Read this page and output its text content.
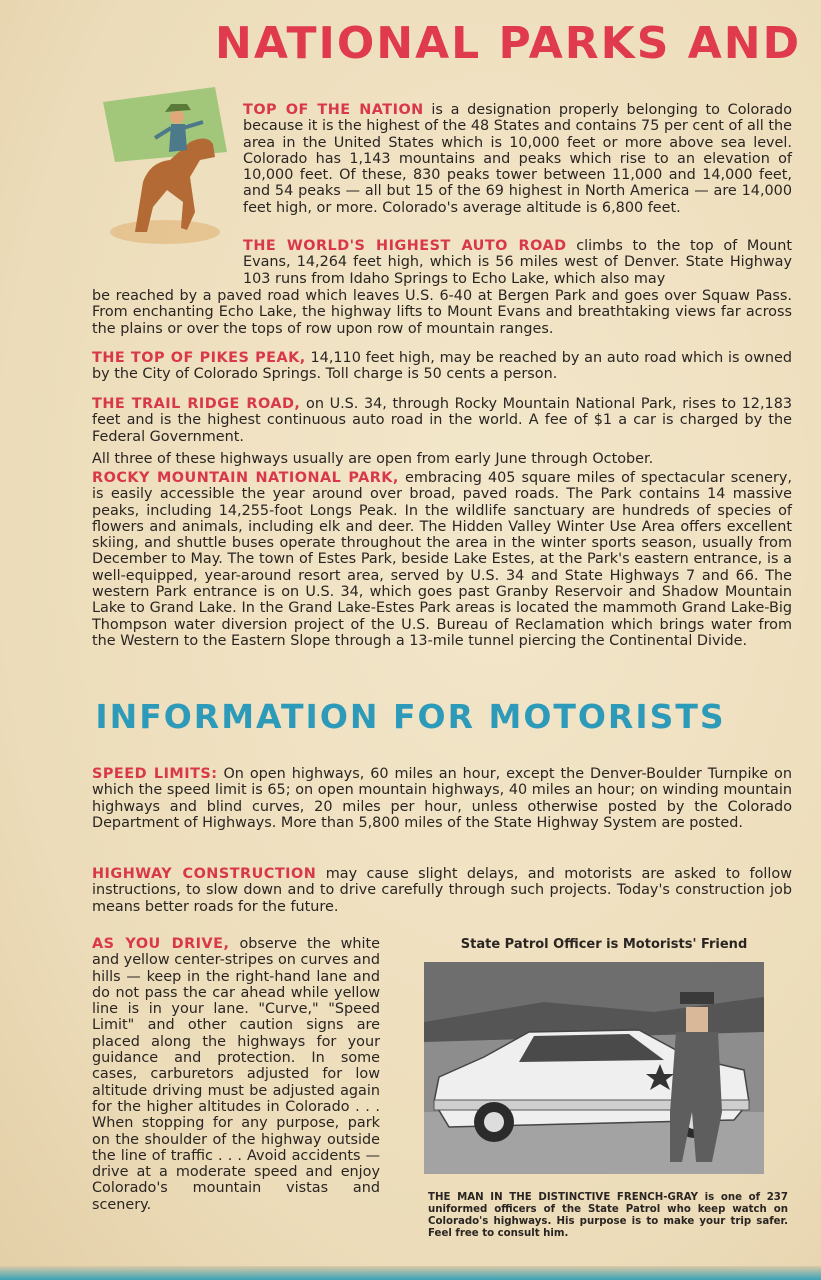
NATIONAL PARKS AND
TOP OF THE NATION is a designation properly belonging to Colorado because it is the highest of the 48 States and contains 75 per cent of all the area in the United States which is 10,000 feet or more above sea level. Colorado has 1,143 mountains and peaks which rise to an elevation of 10,000 feet. Of these, 830 peaks tower between 11,000 and 14,000 feet, and 54 peaks — all but 15 of the 69 highest in North America — are 14,000 feet high, or more. Colorado's average altitude is 6,800 feet.
THE WORLD'S HIGHEST AUTO ROAD climbs to the top of Mount Evans, 14,264 feet high, which is 56 miles west of Denver. State Highway 103 runs from Idaho Springs to Echo Lake, which also may
be reached by a paved road which leaves U.S. 6-40 at Bergen Park and goes over Squaw Pass. From enchanting Echo Lake, the highway lifts to Mount Evans and breathtaking views far across the plains or over the tops of row upon row of mountain ranges.
THE TOP OF PIKES PEAK, 14,110 feet high, may be reached by an auto road which is owned by the City of Colorado Springs. Toll charge is 50 cents a person.
THE TRAIL RIDGE ROAD, on U.S. 34, through Rocky Mountain National Park, rises to 12,183 feet and is the highest continuous auto road in the world. A fee of $1 a car is charged by the Federal Government.
All three of these highways usually are open from early June through October.
ROCKY MOUNTAIN NATIONAL PARK, embracing 405 square miles of spectacular scenery, is easily accessible the year around over broad, paved roads. The Park contains 14 massive peaks, including 14,255-foot Longs Peak. In the wildlife sanctuary are hundreds of species of flowers and animals, including elk and deer. The Hidden Valley Winter Use Area offers excellent skiing, and shuttle buses operate throughout the area in the winter sports season, usually from December to May. The town of Estes Park, beside Lake Estes, at the Park's eastern entrance, is a well-equipped, year-around resort area, served by U.S. 34 and State Highways 7 and 66. The western Park entrance is on U.S. 34, which goes past Granby Reservoir and Shadow Mountain Lake to Grand Lake. In the Grand Lake-Estes Park areas is located the mammoth Grand Lake-Big Thompson water diversion project of the U.S. Bureau of Reclamation which brings water from the Western to the Eastern Slope through a 13-mile tunnel piercing the Continental Divide.
INFORMATION FOR MOTORISTS
SPEED LIMITS: On open highways, 60 miles an hour, except the Denver-Boulder Turnpike on which the speed limit is 65; on open mountain highways, 40 miles an hour; on winding mountain highways and blind curves, 20 miles per hour, unless otherwise posted by the Colorado Department of Highways. More than 5,800 miles of the State Highway System are posted.
HIGHWAY CONSTRUCTION may cause slight delays, and motorists are asked to follow instructions, to slow down and to drive carefully through such projects. Today's construction job means better roads for the future.
AS YOU DRIVE, observe the white and yellow center-stripes on curves and hills — keep in the right-hand lane and do not pass the car ahead while yellow line is in your lane. "Curve," "Speed Limit" and other caution signs are placed along the highways for your guidance and protection. In some cases, carburetors adjusted for low altitude driving must be adjusted again for the higher altitudes in Colorado . . . When stopping for any purpose, park on the shoulder of the highway outside the line of traffic . . . Avoid accidents — drive at a moderate speed and enjoy Colorado's mountain vistas and scenery.
State Patrol Officer is Motorists' Friend
THE MAN IN THE DISTINCTIVE FRENCH-GRAY is one of 237 uniformed officers of the State Patrol who keep watch on Colorado's highways. His purpose is to make your trip safer. Feel free to consult him.
